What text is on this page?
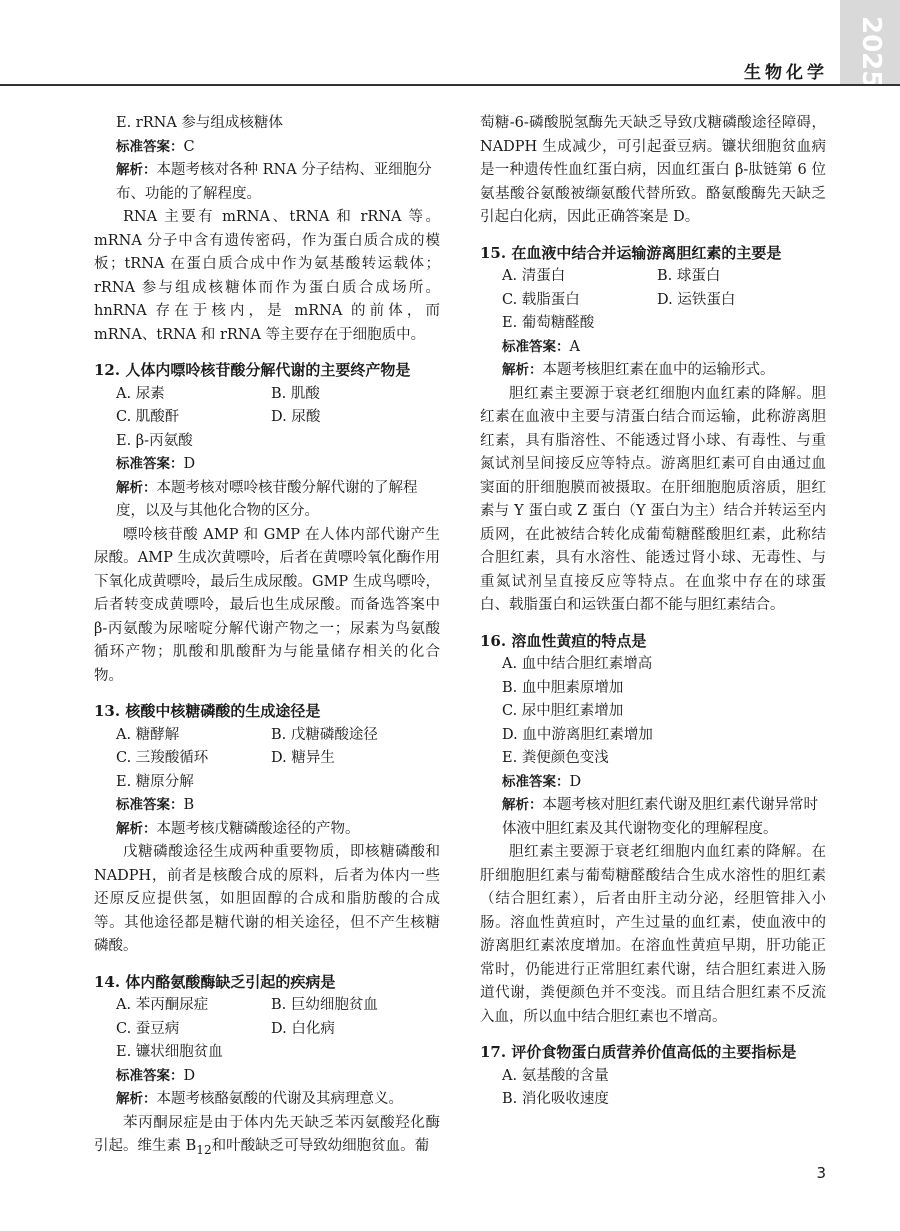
2025
生物化学
E. rRNA 参与组成核糖体
标准答案：C
解析：本题考核对各种 RNA 分子结构、亚细胞分布、功能的了解程度。
RNA 主要有 mRNA、tRNA 和 rRNA 等。mRNA 分子中含有遗传密码，作为蛋白质合成的模板；tRNA 在蛋白质合成中作为氨基酸转运载体；rRNA 参与组成核糖体而作为蛋白质合成场所。hnRNA 存在于核内，是 mRNA 的前体，而 mRNA、tRNA 和 rRNA 等主要存在于细胞质中。
12. 人体内嘌呤核苷酸分解代谢的主要终产物是
A. 尿素	B. 肌酸
C. 肌酸酐	D. 尿酸
E. β-丙氨酸
标准答案：D
解析：本题考核对嘌呤核苷酸分解代谢的了解程度，以及与其他化合物的区分。
嘌呤核苷酸 AMP 和 GMP 在人体内部代谢产生尿酸。AMP 生成次黄嘌呤，后者在黄嘌呤氧化酶作用下氧化成黄嘌呤，最后生成尿酸。GMP 生成鸟嘌呤，后者转变成黄嘌呤，最后也生成尿酸。而备选答案中 β-丙氨酸为尿嘧啶分解代谢产物之一；尿素为鸟氨酸循环产物；肌酸和肌酸酐为与能量储存相关的化合物。
13. 核酸中核糖磷酸的生成途径是
A. 糖酵解	B. 戊糖磷酸途径
C. 三羧酸循环	D. 糖异生
E. 糖原分解
标准答案：B
解析：本题考核戊糖磷酸途径的产物。
戊糖磷酸途径生成两种重要物质，即核糖磷酸和 NADPH，前者是核酸合成的原料，后者为体内一些还原反应提供氢，如胆固醇的合成和脂肪酸的合成等。其他途径都是糖代谢的相关途径，但不产生核糖磷酸。
14. 体内酪氨酸酶缺乏引起的疾病是
A. 苯丙酮尿症	B. 巨幼细胞贫血
C. 蚕豆病	D. 白化病
E. 镰状细胞贫血
标准答案：D
解析：本题考核酪氨酸的代谢及其病理意义。
苯丙酮尿症是由于体内先天缺乏苯丙氨酸羟化酶引起。维生素 $B_{12}$和叶酸缺乏可导致幼细胞贫血。葡
萄糖-6-磷酸脱氢酶先天缺乏导致戊糖磷酸途径障碍，NADPH 生成减少，可引起蚕豆病。镰状细胞贫血病是一种遗传性血红蛋白病，因血红蛋白 β-肽链第 6 位氨基酸谷氨酸被缬氨酸代替所致。酪氨酸酶先天缺乏引起白化病，因此正确答案是 D。
15. 在血液中结合并运输游离胆红素的主要是
A. 清蛋白	B. 球蛋白
C. 载脂蛋白	D. 运铁蛋白
E. 葡萄糖醛酸
标准答案：A
解析：本题考核胆红素在血中的运输形式。
胆红素主要源于衰老红细胞内血红素的降解。胆红素在血液中主要与清蛋白结合而运输，此称游离胆红素，具有脂溶性、不能透过肾小球、有毒性、与重氮试剂呈间接反应等特点。游离胆红素可自由通过血窦面的肝细胞膜而被摄取。在肝细胞胞质溶质，胆红素与 Y 蛋白或 Z 蛋白（Y 蛋白为主）结合并转运至内质网，在此被结合转化成葡萄糖醛酸胆红素，此称结合胆红素，具有水溶性、能透过肾小球、无毒性、与重氮试剂呈直接反应等特点。在血浆中存在的球蛋白、载脂蛋白和运铁蛋白都不能与胆红素结合。
16. 溶血性黄疸的特点是
A. 血中结合胆红素增高
B. 血中胆素原增加
C. 尿中胆红素增加
D. 血中游离胆红素增加
E. 粪便颜色变浅
标准答案：D
解析：本题考核对胆红素代谢及胆红素代谢异常时体液中胆红素及其代谢物变化的理解程度。
胆红素主要源于衰老红细胞内血红素的降解。在肝细胞胆红素与葡萄糖醛酸结合生成水溶性的胆红素（结合胆红素），后者由肝主动分泌，经胆管排入小肠。溶血性黄疸时，产生过量的血红素，使血液中的游离胆红素浓度增加。在溶血性黄疸早期，肝功能正常时，仍能进行正常胆红素代谢，结合胆红素进入肠道代谢，粪便颜色并不变浅。而且结合胆红素不反流入血，所以血中结合胆红素也不增高。
17. 评价食物蛋白质营养价值高低的主要指标是
A. 氨基酸的含量
B. 消化吸收速度
3
